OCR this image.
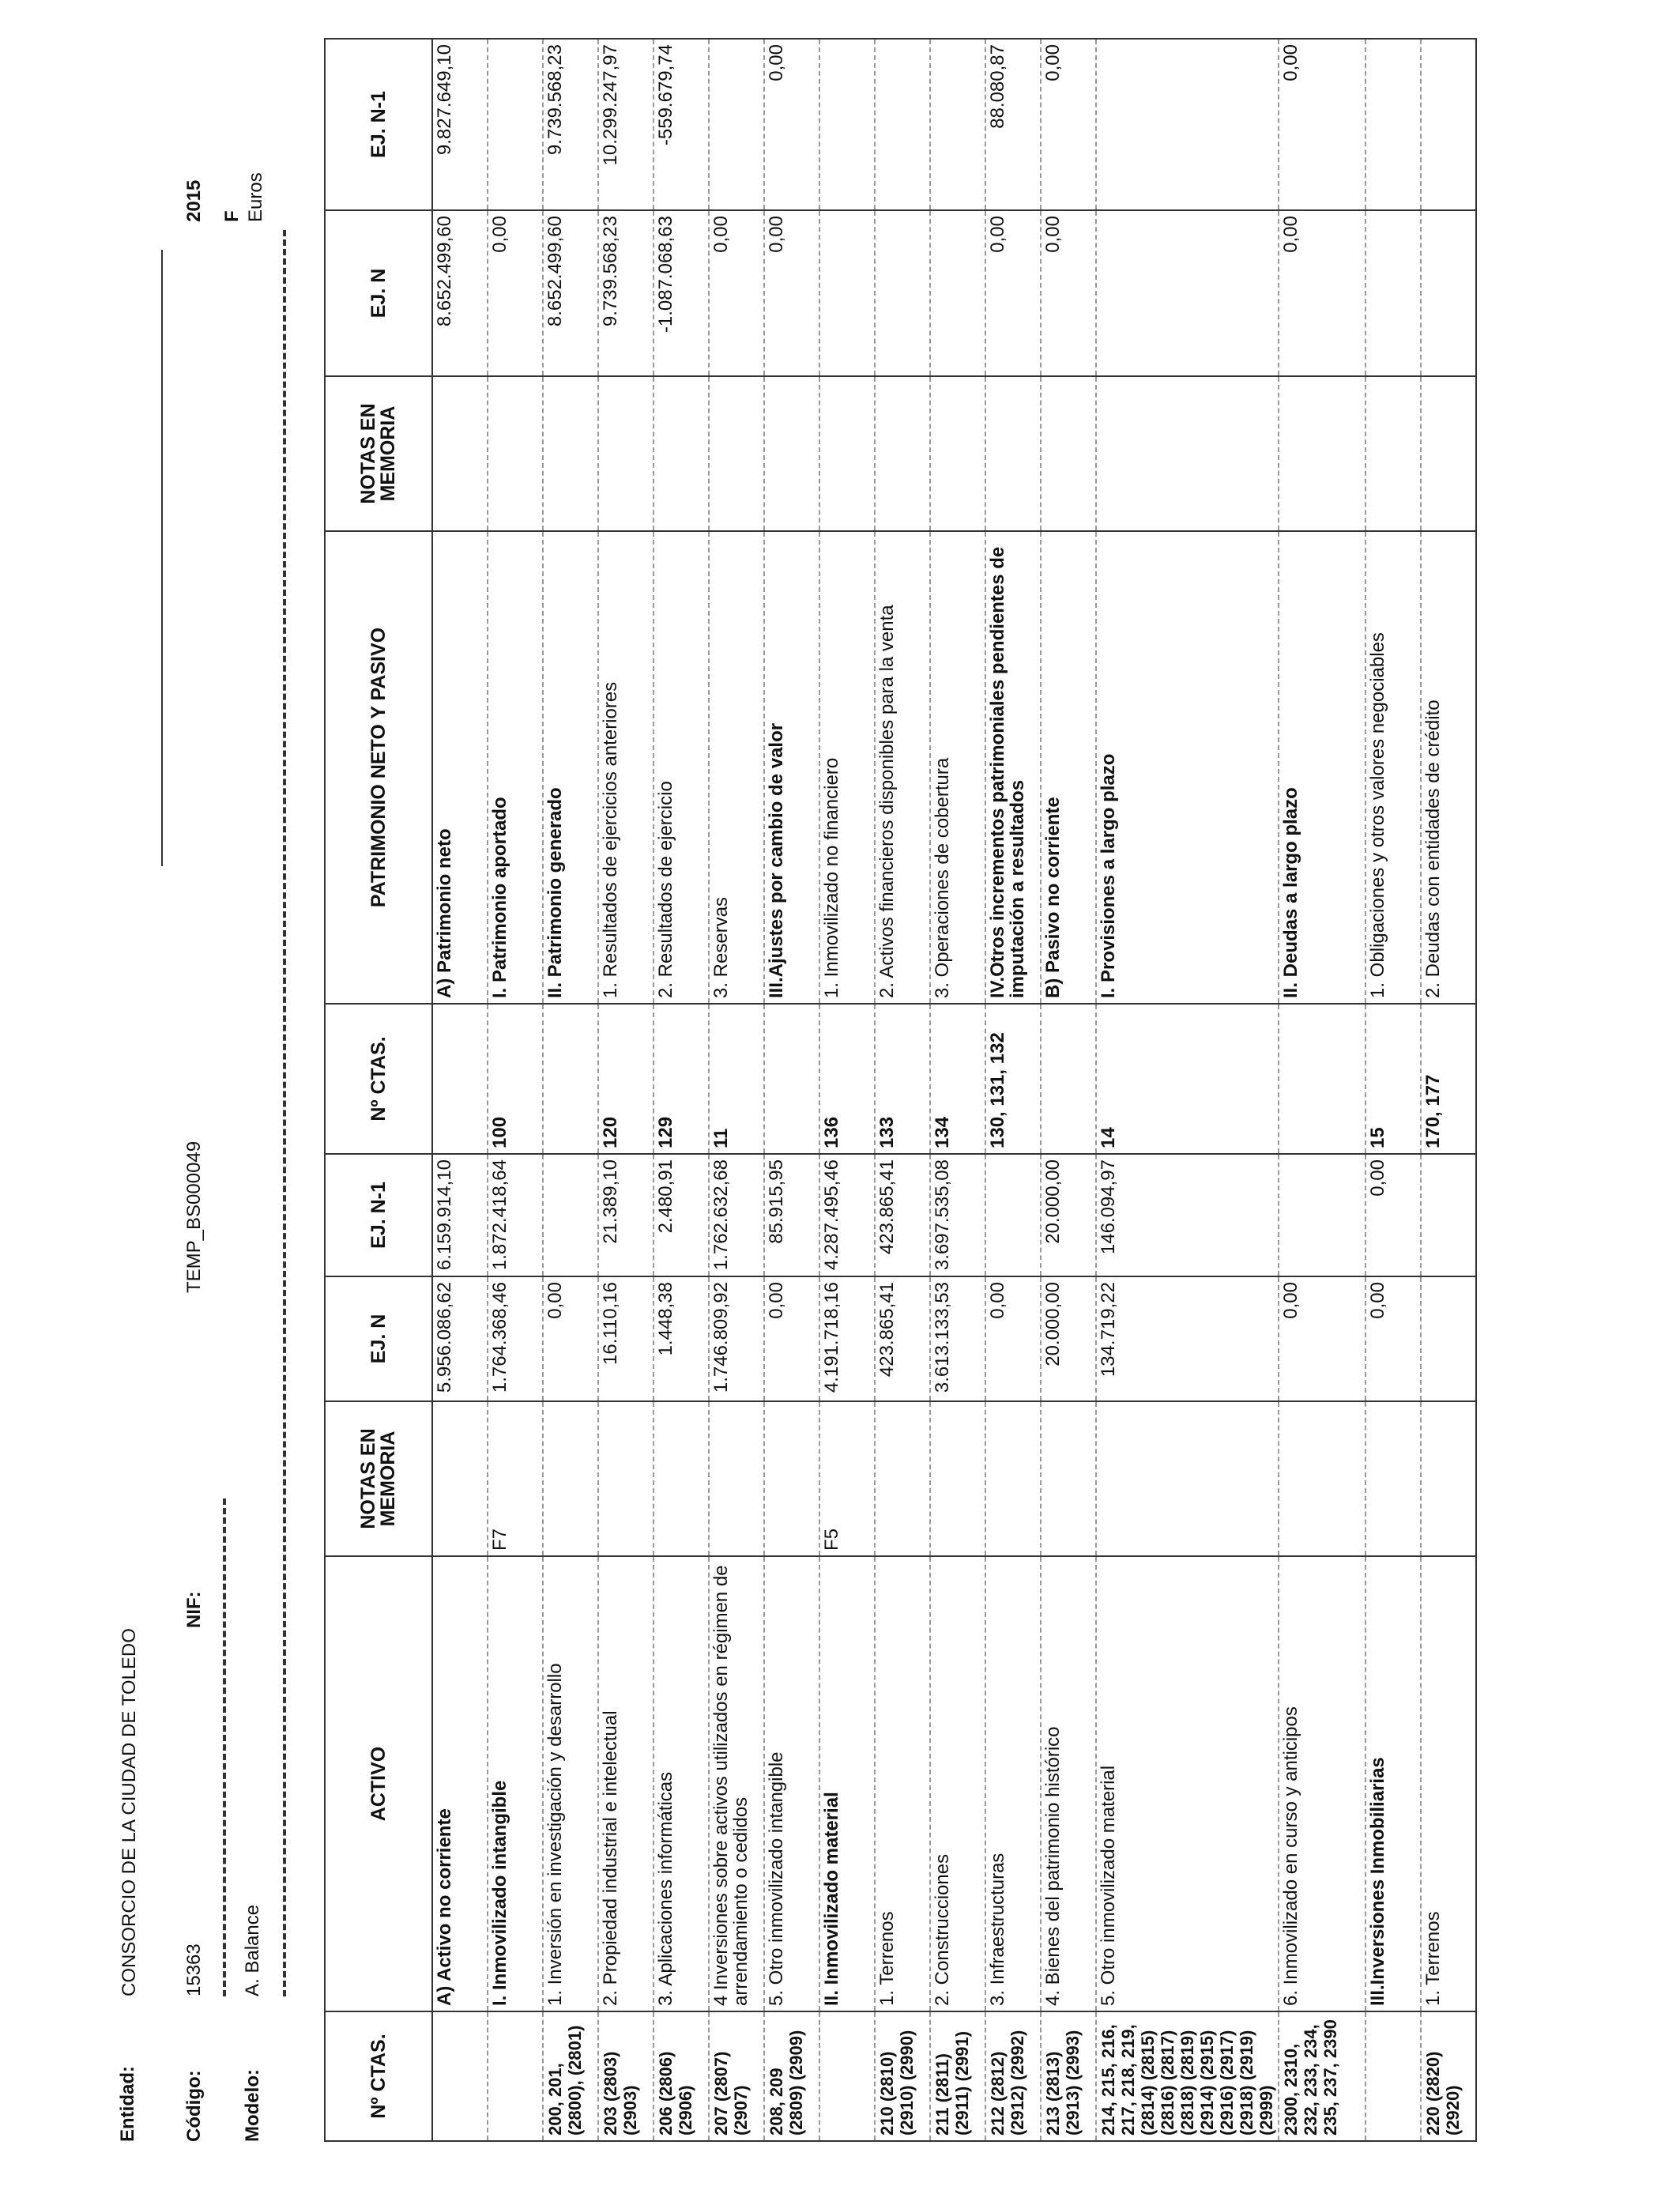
Entidad:
CONSORCIO DE LA CIUDAD DE TOLEDO
Código:
15363
NIF:
TEMP_BS000049
Modelo:
A. Balance
2015 F Euros
Nº CTAS.	ACTIVO	NOTAS EN MEMORIA	EJ. N	EJ. N-1	Nº CTAS.	PATRIMONIO NETO Y PASIVO	NOTAS EN MEMORIA	EJ. N	EJ. N-1
	A) Activo no corriente		5.956.086,62	6.159.914,10		A) Patrimonio neto		8.652.499,60	9.827.649,10
	I. Inmovilizado intangible	F7	1.764.368,46	1.872.418,64	100	I. Patrimonio aportado		0,00	
200, 201, (2800), (2801)	1. Inversión en investigación y desarrollo		0,00			II. Patrimonio generado		8.652.499,60	9.739.568,23
203 (2803) (2903)	2. Propiedad industrial e intelectual		16.110,16	21.389,10	120	1. Resultados de ejercicios anteriores		9.739.568,23	10.299.247,97
206 (2806) (2906)	3. Aplicaciones informáticas		1.448,38	2.480,91	129	2. Resultados de ejercicio		-1.087.068,63	-559.679,74
207 (2807) (2907)	4 Inversiones sobre activos utilizados en régimen de arrendamiento o cedidos		1.746.809,92	1.762.632,68	11	3. Reservas		0,00	
208, 209 (2809) (2909)	5. Otro inmovilizado intangible		0,00	85.915,95		III.Ajustes por cambio de valor		0,00	0,00
	II. Inmovilizado material	F5	4.191.718,16	4.287.495,46	136	1. Inmovilizado no financiero			
210 (2810) (2910) (2990)	1. Terrenos		423.865,41	423.865,41	133	2. Activos financieros disponibles para la venta			
211 (2811) (2911) (2991)	2. Construcciones		3.613.133,53	3.697.535,08	134	3. Operaciones de cobertura			
212 (2812) (2912) (2992)	3. Infraestructuras		0,00		130, 131, 132	IV.Otros incrementos patrimoniales pendientes de imputación a resultados		0,00	88.080,87
213 (2813) (2913) (2993)	4. Bienes del patrimonio histórico		20.000,00	20.000,00		B) Pasivo no corriente		0,00	0,00
214, 215, 216, 217, 218, 219, (2814) (2815) (2816) (2817) (2818) (2819) (2914) (2915) (2916) (2917) (2918) (2919) (2999)	5. Otro inmovilizado material		134.719,22	146.094,97	14	I. Provisiones a largo plazo			
2300, 2310, 232, 233, 234, 235, 237, 2390	6. Inmovilizado en curso y anticipos		0,00			II. Deudas a largo plazo		0,00	0,00
	III.Inversiones Inmobiliarias		0,00	0,00	15	1. Obligaciones y otros valores negociables			
220 (2820) (2920)	1. Terrenos				170, 177	2. Deudas con entidades de crédito			
